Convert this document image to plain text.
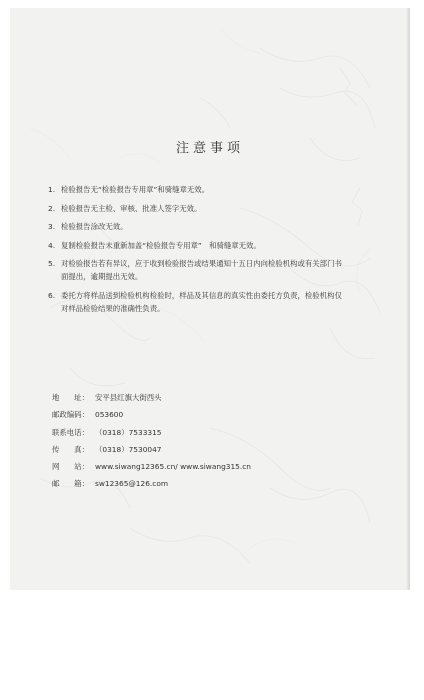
注意事项
1. 检验报告无“检验报告专用章”和骑缝章无效。
2. 检验报告无主检、审核、批准人签字无效。
3. 检验报告涂改无效。
4. 复制检验报告未重新加盖“检验报告专用章”　和骑缝章无效。
5. 对检验报告若有异议，应于收到检验报告或结果通知十五日内向检验机构或有关部门书面提出，逾期提出无效。
6. 委托方将样品送到检验机构检验时，样品及其信息的真实性由委托方负责，检验机构仅对样品检验结果的准确性负责。
地　　址： 安平县红旗大街西头
邮政编码： 053600
联系电话： （0318）7533315
传　　真： （0318）7530047
网　　站： www.siwang12365.cn/ www.siwang315.cn
邮　　箱： sw12365@126.com
